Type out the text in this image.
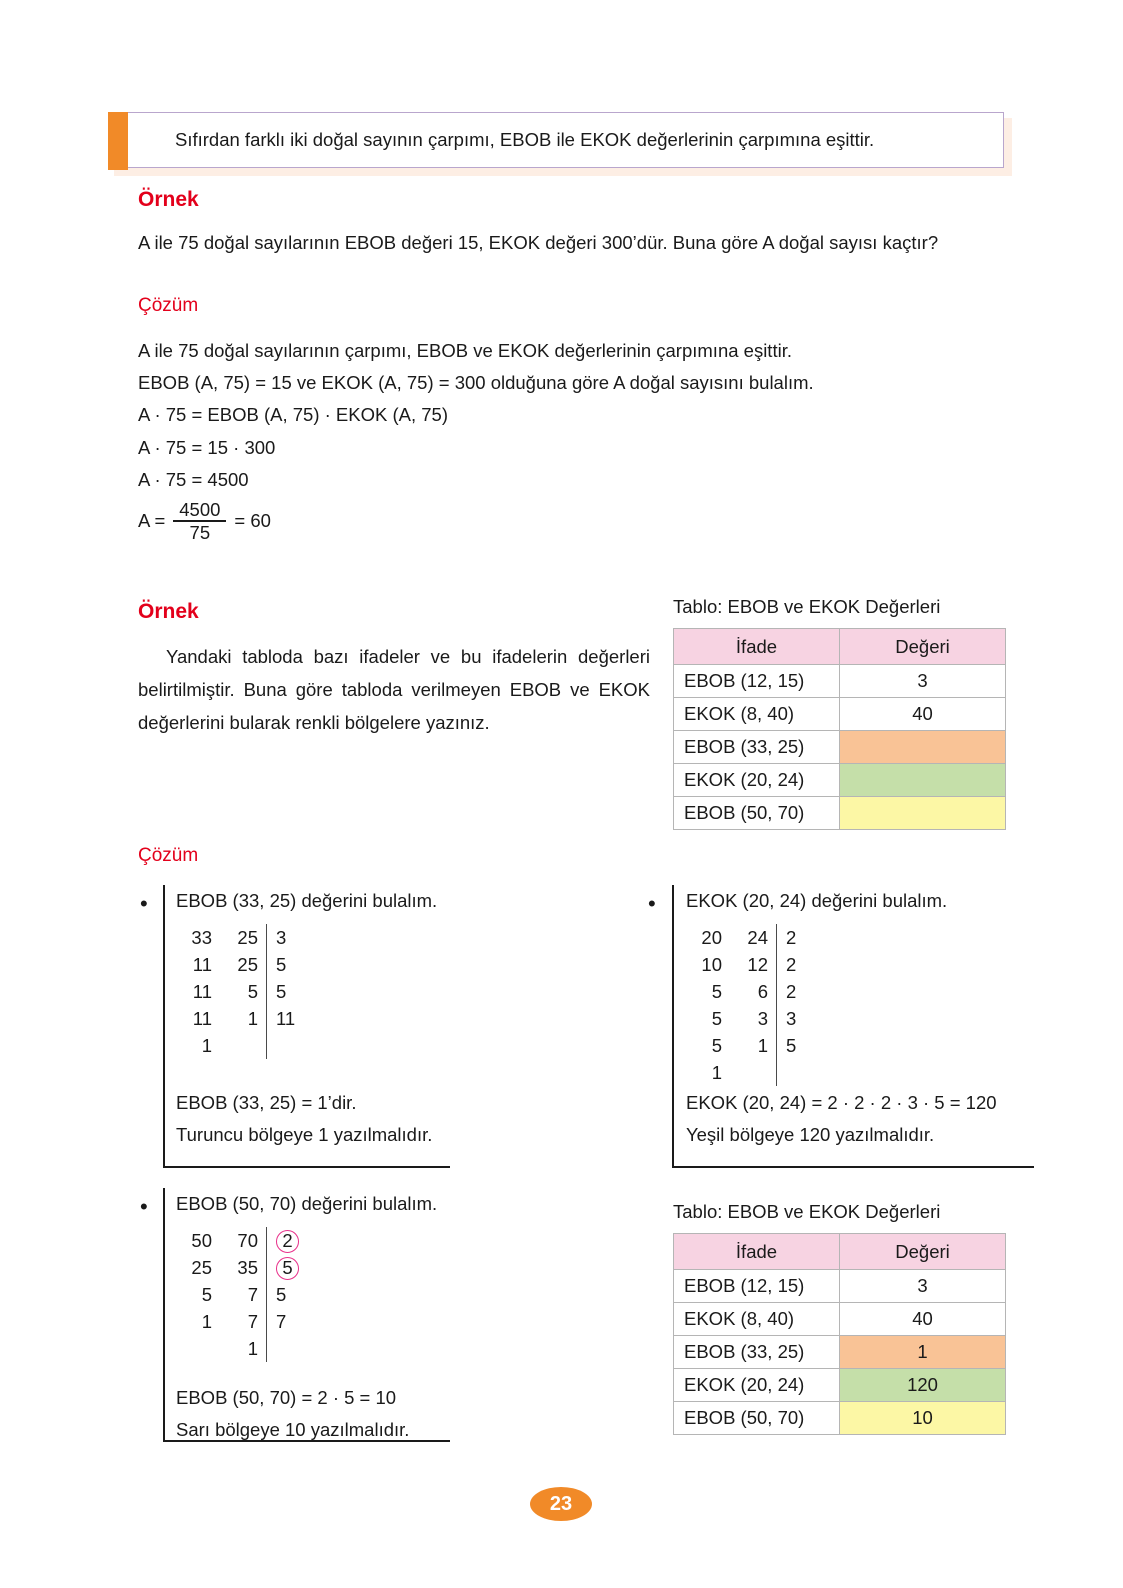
Sıfırdan farklı iki doğal sayının çarpımı, EBOB ile EKOK değerlerinin çarpımına eşittir.
Örnek
A ile 75 doğal sayılarının EBOB değeri 15, EKOK değeri 300’dür. Buna göre A doğal sayısı kaçtır?
Çözüm
A ile 75 doğal sayılarının çarpımı, EBOB ve EKOK değerlerinin çarpımına eşittir.
EBOB (A, 75) = 15 ve EKOK (A, 75) = 300 olduğuna göre A doğal sayısını bulalım.
A · 75 = EBOB (A, 75) · EKOK (A, 75)
A · 75 = 15 · 300
A · 75 = 4500
$A = \frac{4500}{75} = 60$
Örnek
Yandaki tabloda bazı ifadeler ve bu ifadelerin değerleri belirtilmiştir. Buna göre tabloda verilmeyen EBOB ve EKOK değerlerini bularak renkli bölgelere yazınız.
Tablo: EBOB ve EKOK Değerleri
İfade	Değeri
EBOB (12, 15)	3
EKOK (8, 40)	40
EBOB (33, 25)	
EKOK (20, 24)	
EBOB (50, 70)	
Çözüm
• EBOB (33, 25) değerini bulalım.
33	25 3
11	25 5
11	5 5
11	1 11
1
EBOB (33, 25) = 1’dir.
Turuncu bölgeye 1 yazılmalıdır.
• EKOK (20, 24) değerini bulalım.
20	24 2
10	12 2
5	6 2
5	3 3
5	1 5
1
EKOK (20, 24) = 2 · 2 · 2 · 3 · 5 = 120
Yeşil bölgeye 120 yazılmalıdır.
• EBOB (50, 70) değerini bulalım.
50	70	2
25	35	5
5	7 5
1	7 7
1
EBOB (50, 70) = 2 · 5 = 10
Sarı bölgeye 10 yazılmalıdır.
Tablo: EBOB ve EKOK Değerleri
İfade	Değeri
EBOB (12, 15)	3
EKOK (8, 40)	40
EBOB (33, 25)	1
EKOK (20, 24)	120
EBOB (50, 70)	10
23
